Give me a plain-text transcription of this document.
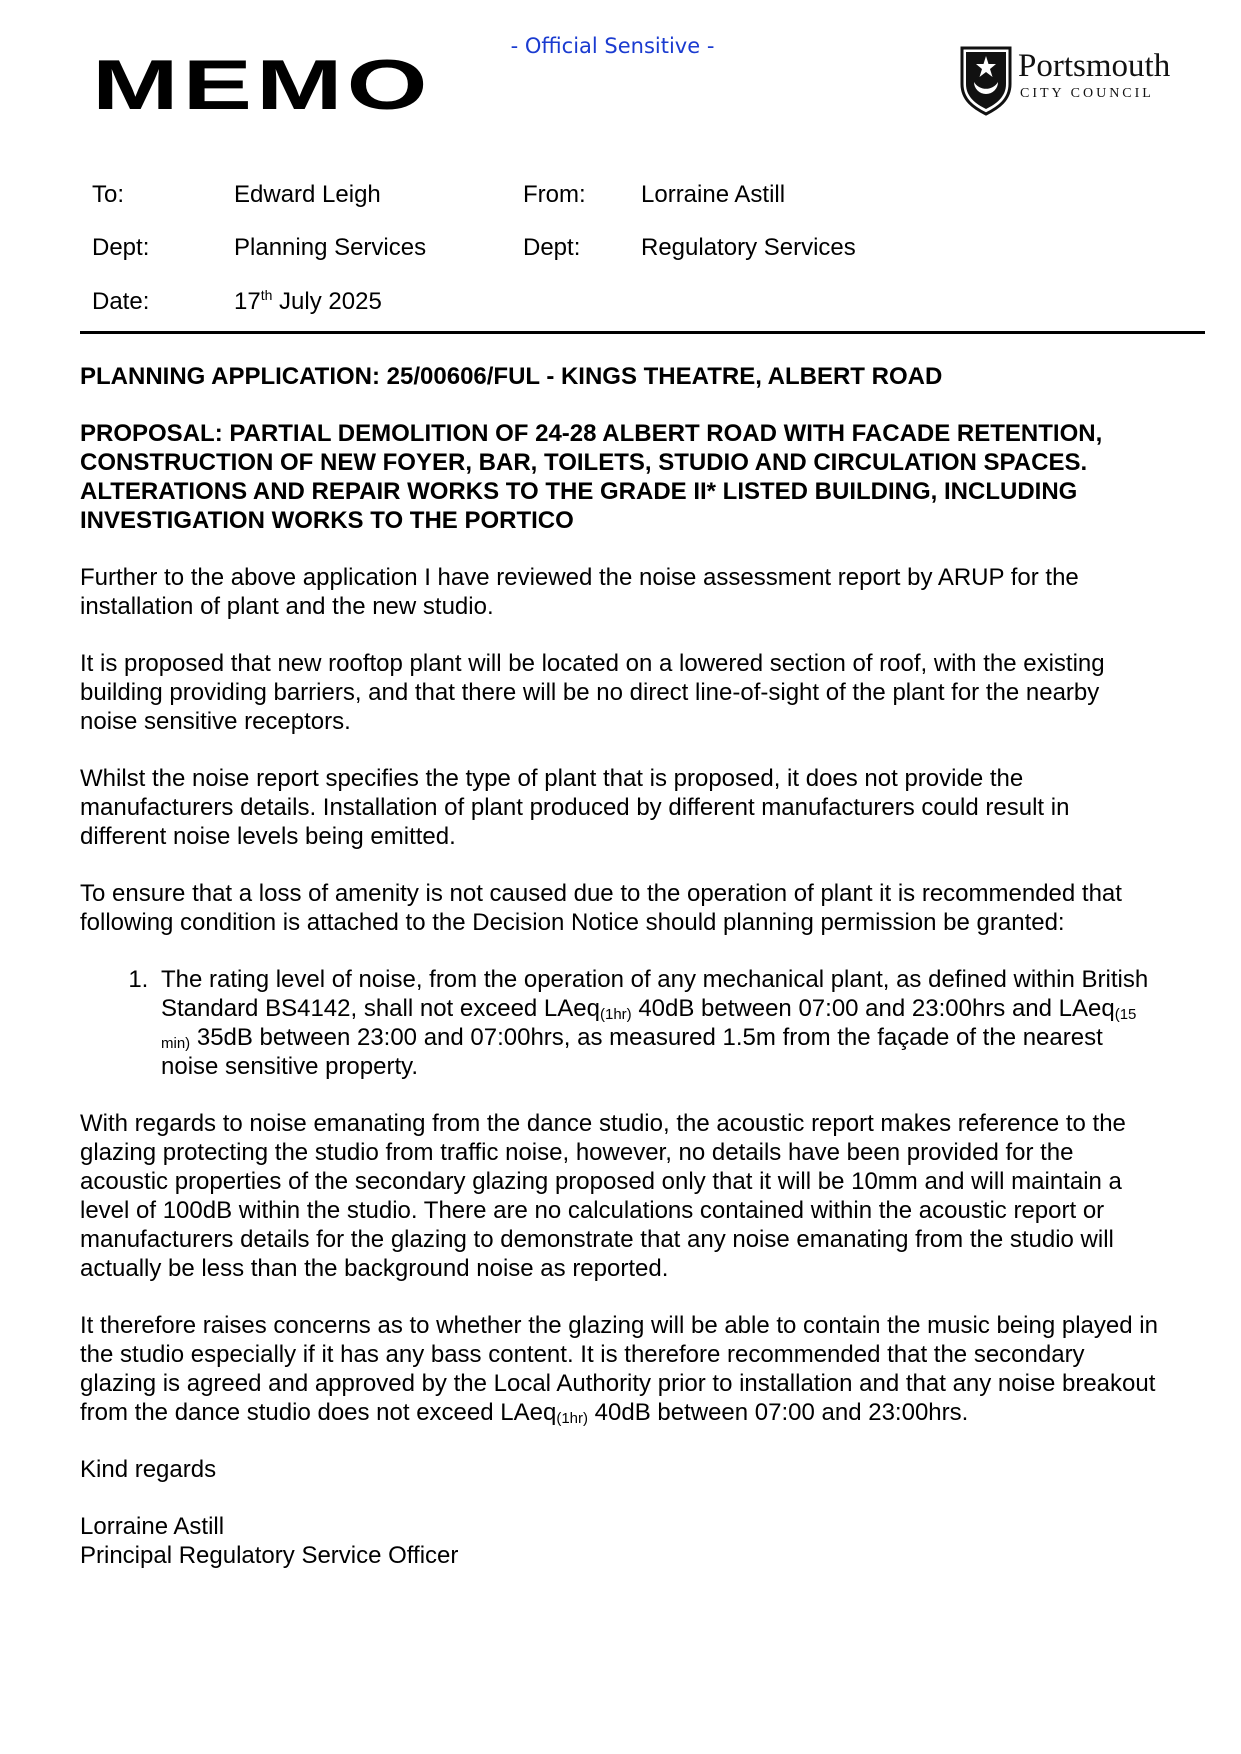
- Official Sensitive -
MEMO	Portsmouth
CITY COUNCIL
To:	Edward Leigh	From: Lorraine Astill
Dept:	Planning Services	Dept:	Regulatory Services
Date:	17th July 2025

PLANNING APPLICATION: 25/00606/FUL - KINGS THEATRE, ALBERT ROAD

PROPOSAL: PARTIAL DEMOLITION OF 24-28 ALBERT ROAD WITH FACADE RETENTION, CONSTRUCTION OF NEW FOYER, BAR, TOILETS, STUDIO AND CIRCULATION SPACES. ALTERATIONS AND REPAIR WORKS TO THE GRADE II* LISTED BUILDING, INCLUDING INVESTIGATION WORKS TO THE PORTICO

Further to the above application I have reviewed the noise assessment report by ARUP for the installation of plant and the new studio.

It is proposed that new rooftop plant will be located on a lowered section of roof, with the existing building providing barriers, and that there will be no direct line-of-sight of the plant for the nearby noise sensitive receptors.

Whilst the noise report specifies the type of plant that is proposed, it does not provide the manufacturers details. Installation of plant produced by different manufacturers could result in different noise levels being emitted.

To ensure that a loss of amenity is not caused due to the operation of plant it is recommended that following condition is attached to the Decision Notice should planning permission be granted:

1. The rating level of noise, from the operation of any mechanical plant, as defined within British Standard BS4142, shall not exceed LAeq$_{(1hr)}$ 40dB between 07:00 and 23:00hrs and LAeq$_{(15 min)}$ 35dB between 23:00 and 07:00hrs, as measured 1.5m from the façade of the nearest noise sensitive property.

With regards to noise emanating from the dance studio, the acoustic report makes reference to the glazing protecting the studio from traffic noise, however, no details have been provided for the acoustic properties of the secondary glazing proposed only that it will be 10mm and will maintain a level of 100dB within the studio. There are no calculations contained within the acoustic report or manufacturers details for the glazing to demonstrate that any noise emanating from the studio will actually be less than the background noise as reported.

It therefore raises concerns as to whether the glazing will be able to contain the music being played in the studio especially if it has any bass content. It is therefore recommended that the secondary glazing is agreed and approved by the Local Authority prior to installation and that any noise breakout from the dance studio does not exceed LAeq$_{(1hr)}$ 40dB between 07:00 and 23:00hrs.

Kind regards

Lorraine Astill

Principal Regulatory Service Officer
